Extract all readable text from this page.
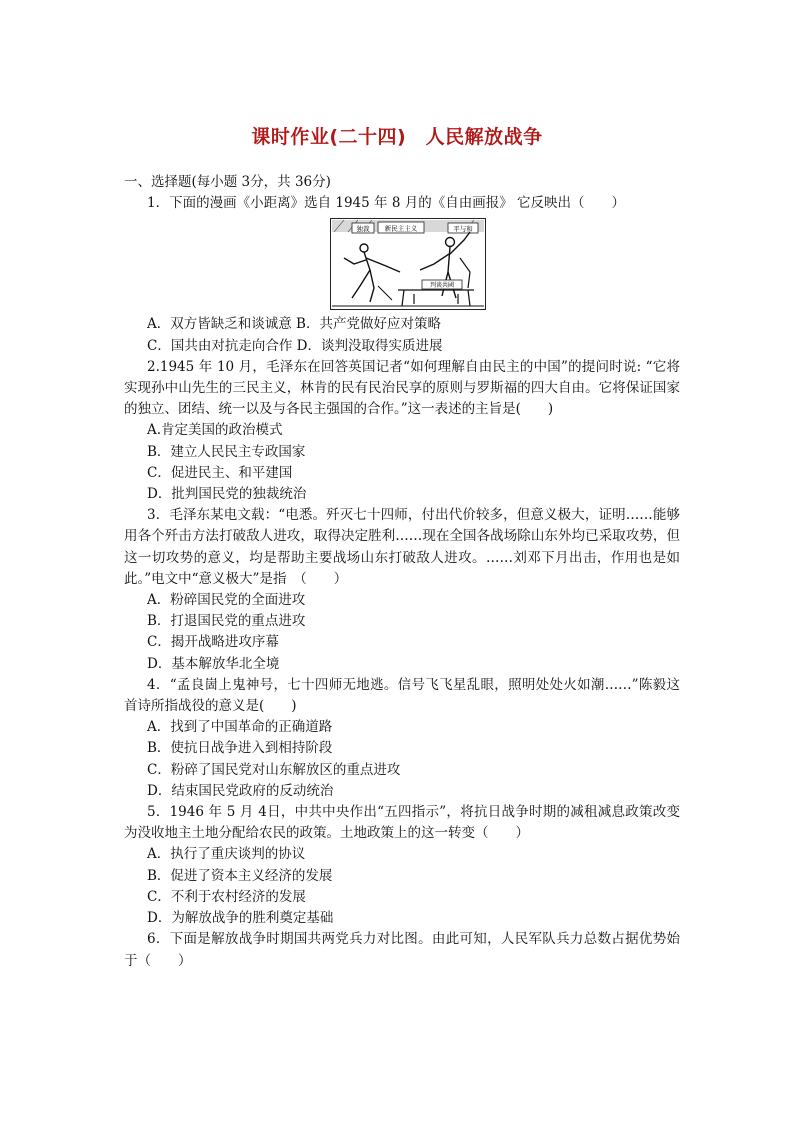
课时作业(二十四)　人民解放战争
一、选择题(每小题 3分，共 36分)
1．下面的漫画《小距离》选自 1945 年 8 月的《自由画报》 它反映出（　　）
独裁 新民主主义	平与和
判谈共國
A．双方皆缺乏和谈诚意 B．共产党做好应对策略
C．国共由对抗走向合作 D．谈判没取得实质进展
2.1945 年 10 月，毛泽东在回答英国记者“如何理解自由民主的中国”的提问时说: “它将实现孙中山先生的三民主义，林肯的民有民治民享的原则与罗斯福的四大自由。它将保证国家的独立、团结、统一以及与各民主强国的合作。”这一表述的主旨是(　　)
A.肯定美国的政治模式
B．建立人民民主专政国家
C．促进民主、和平建国
D．批判国民党的独裁统治
3．毛泽东某电文载：“电悉。歼灭七十四师，付出代价较多，但意义极大，证明……能够用各个歼击方法打破敌人进攻，取得决定胜利……现在全国各战场除山东外均已采取攻势，但这一切攻势的意义，均是帮助主要战场山东打破敌人进攻。……刘邓下月出击，作用也是如此。”电文中“意义极大”是指　（　　）
A．粉碎国民党的全面进攻
B．打退国民党的重点进攻
C．揭开战略进攻序幕
D．基本解放华北全境
4．“孟良崮上鬼神号，七十四师无地逃。信号飞飞星乱眼，照明处处火如潮……”陈毅这首诗所指战役的意义是(　　)
A．找到了中国革命的正确道路
B．使抗日战争进入到相持阶段
C．粉碎了国民党对山东解放区的重点进攻
D．结束国民党政府的反动统治
5．1946 年 5 月 4日，中共中央作出“五四指示”，将抗日战争时期的减租减息政策改变为没收地主土地分配给农民的政策。土地政策上的这一转变（　　）
A．执行了重庆谈判的协议
B．促进了资本主义经济的发展
C．不利于农村经济的发展
D．为解放战争的胜利奠定基础
6．下面是解放战争时期国共两党兵力对比图。由此可知，人民军队兵力总数占据优势始于（　　）
